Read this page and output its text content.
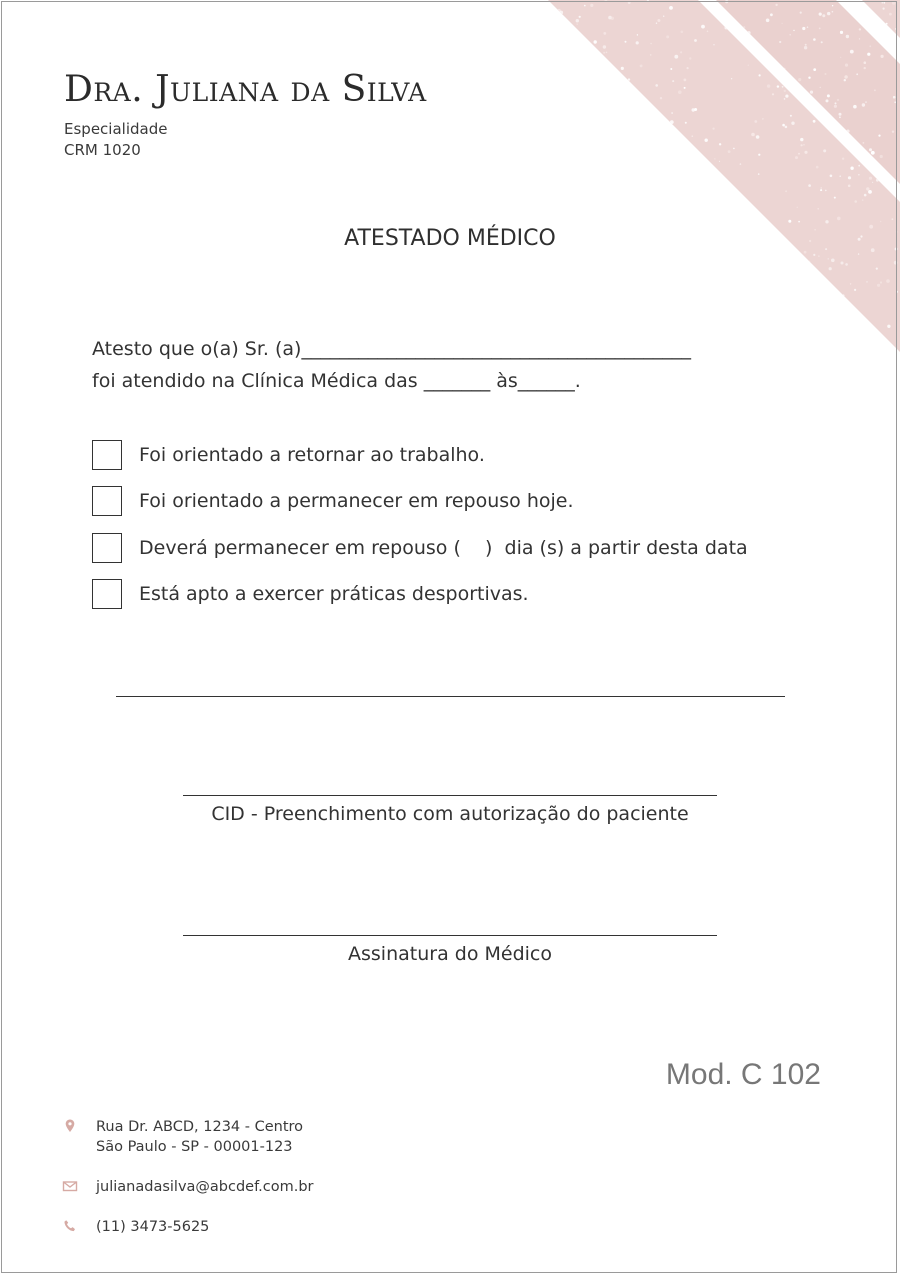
Dra. Juliana da Silva
Especialidade
CRM 1020
ATESTADO MÉDICO
Atesto que o(a) Sr. (a)_________________________________________
foi atendido na Clínica Médica das _______ às______.
Foi orientado a retornar ao trabalho.
Foi orientado a permanecer em repouso hoje.
Deverá permanecer em repouso (    )  dia (s) a partir desta data
Está apto a exercer práticas desportivas.
CID - Preenchimento com autorização do paciente
Assinatura do Médico
Mod. C 102
Rua Dr. ABCD, 1234 - Centro
São Paulo - SP - 00001-123
julianadasilva@abcdef.com.br
(11) 3473-5625
